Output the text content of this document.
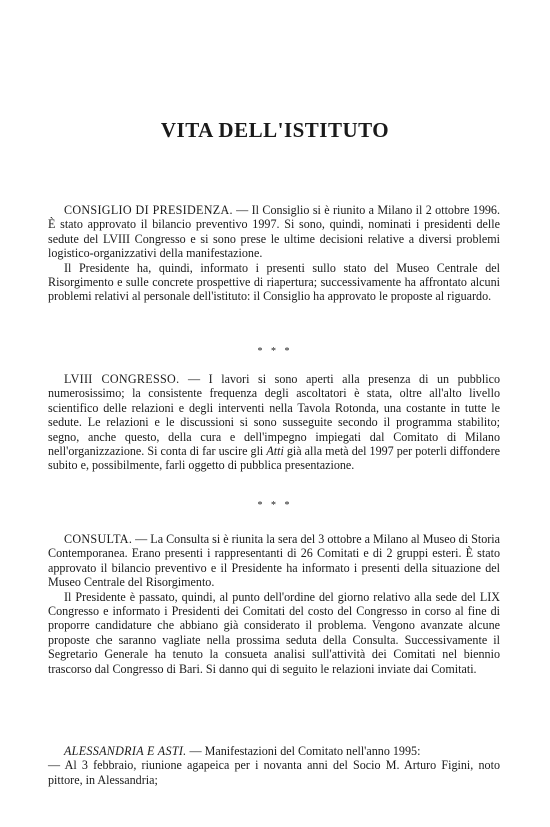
VITA DELL'ISTITUTO

CONSIGLIO DI PRESIDENZA. — Il Consiglio si è riunito a Milano il 2 ottobre 1996. È stato approvato il bilancio preventivo 1997. Si sono, quindi, nominati i presidenti delle sedute del LVIII Congresso e si sono prese le ultime decisioni relative a diversi problemi logistico-organizzativi della manifestazione.

Il Presidente ha, quindi, informato i presenti sullo stato del Museo Centrale del Risorgimento e sulle concrete prospettive di riapertura; successivamente ha affrontato alcuni problemi relativi al personale dell'istituto: il Consiglio ha approvato le proposte al riguardo.

* * *

LVIII CONGRESSO. — I lavori si sono aperti alla presenza di un pubblico numerosissimo; la consistente frequenza degli ascoltatori è stata, oltre all'alto livello scientifico delle relazioni e degli interventi nella Tavola Rotonda, una costante in tutte le sedute. Le relazioni e le discussioni si sono susseguite secondo il programma stabilito; segno, anche questo, della cura e dell'impegno impiegati dal Comitato di Milano nell'organizzazione. Si conta di far uscire gli Atti già alla metà del 1997 per poterli diffondere subito e, possibilmente, farli oggetto di pubblica presentazione.

* * *

CONSULTA. — La Consulta si è riunita la sera del 3 ottobre a Milano al Museo di Storia Contemporanea. Erano presenti i rappresentanti di 26 Comitati e di 2 gruppi esteri. È stato approvato il bilancio preventivo e il Presidente ha informato i presenti della situazione del Museo Centrale del Risorgimento.

Il Presidente è passato, quindi, al punto dell'ordine del giorno relativo alla sede del LIX Congresso e informato i Presidenti dei Comitati del costo del Congresso in corso al fine di proporre candidature che abbiano già considerato il problema. Vengono avanzate alcune proposte che saranno vagliate nella prossima seduta della Consulta. Successivamente il Segretario Generale ha tenuto la consueta analisi sull'attività dei Comitati nel biennio trascorso dal Congresso di Bari. Si danno qui di seguito le relazioni inviate dai Comitati.

ALESSANDRIA E ASTI. — Manifestazioni del Comitato nell'anno 1995:

— Al 3 febbraio, riunione agapeica per i novanta anni del Socio M. Arturo Figini, noto pittore, in Alessandria;
